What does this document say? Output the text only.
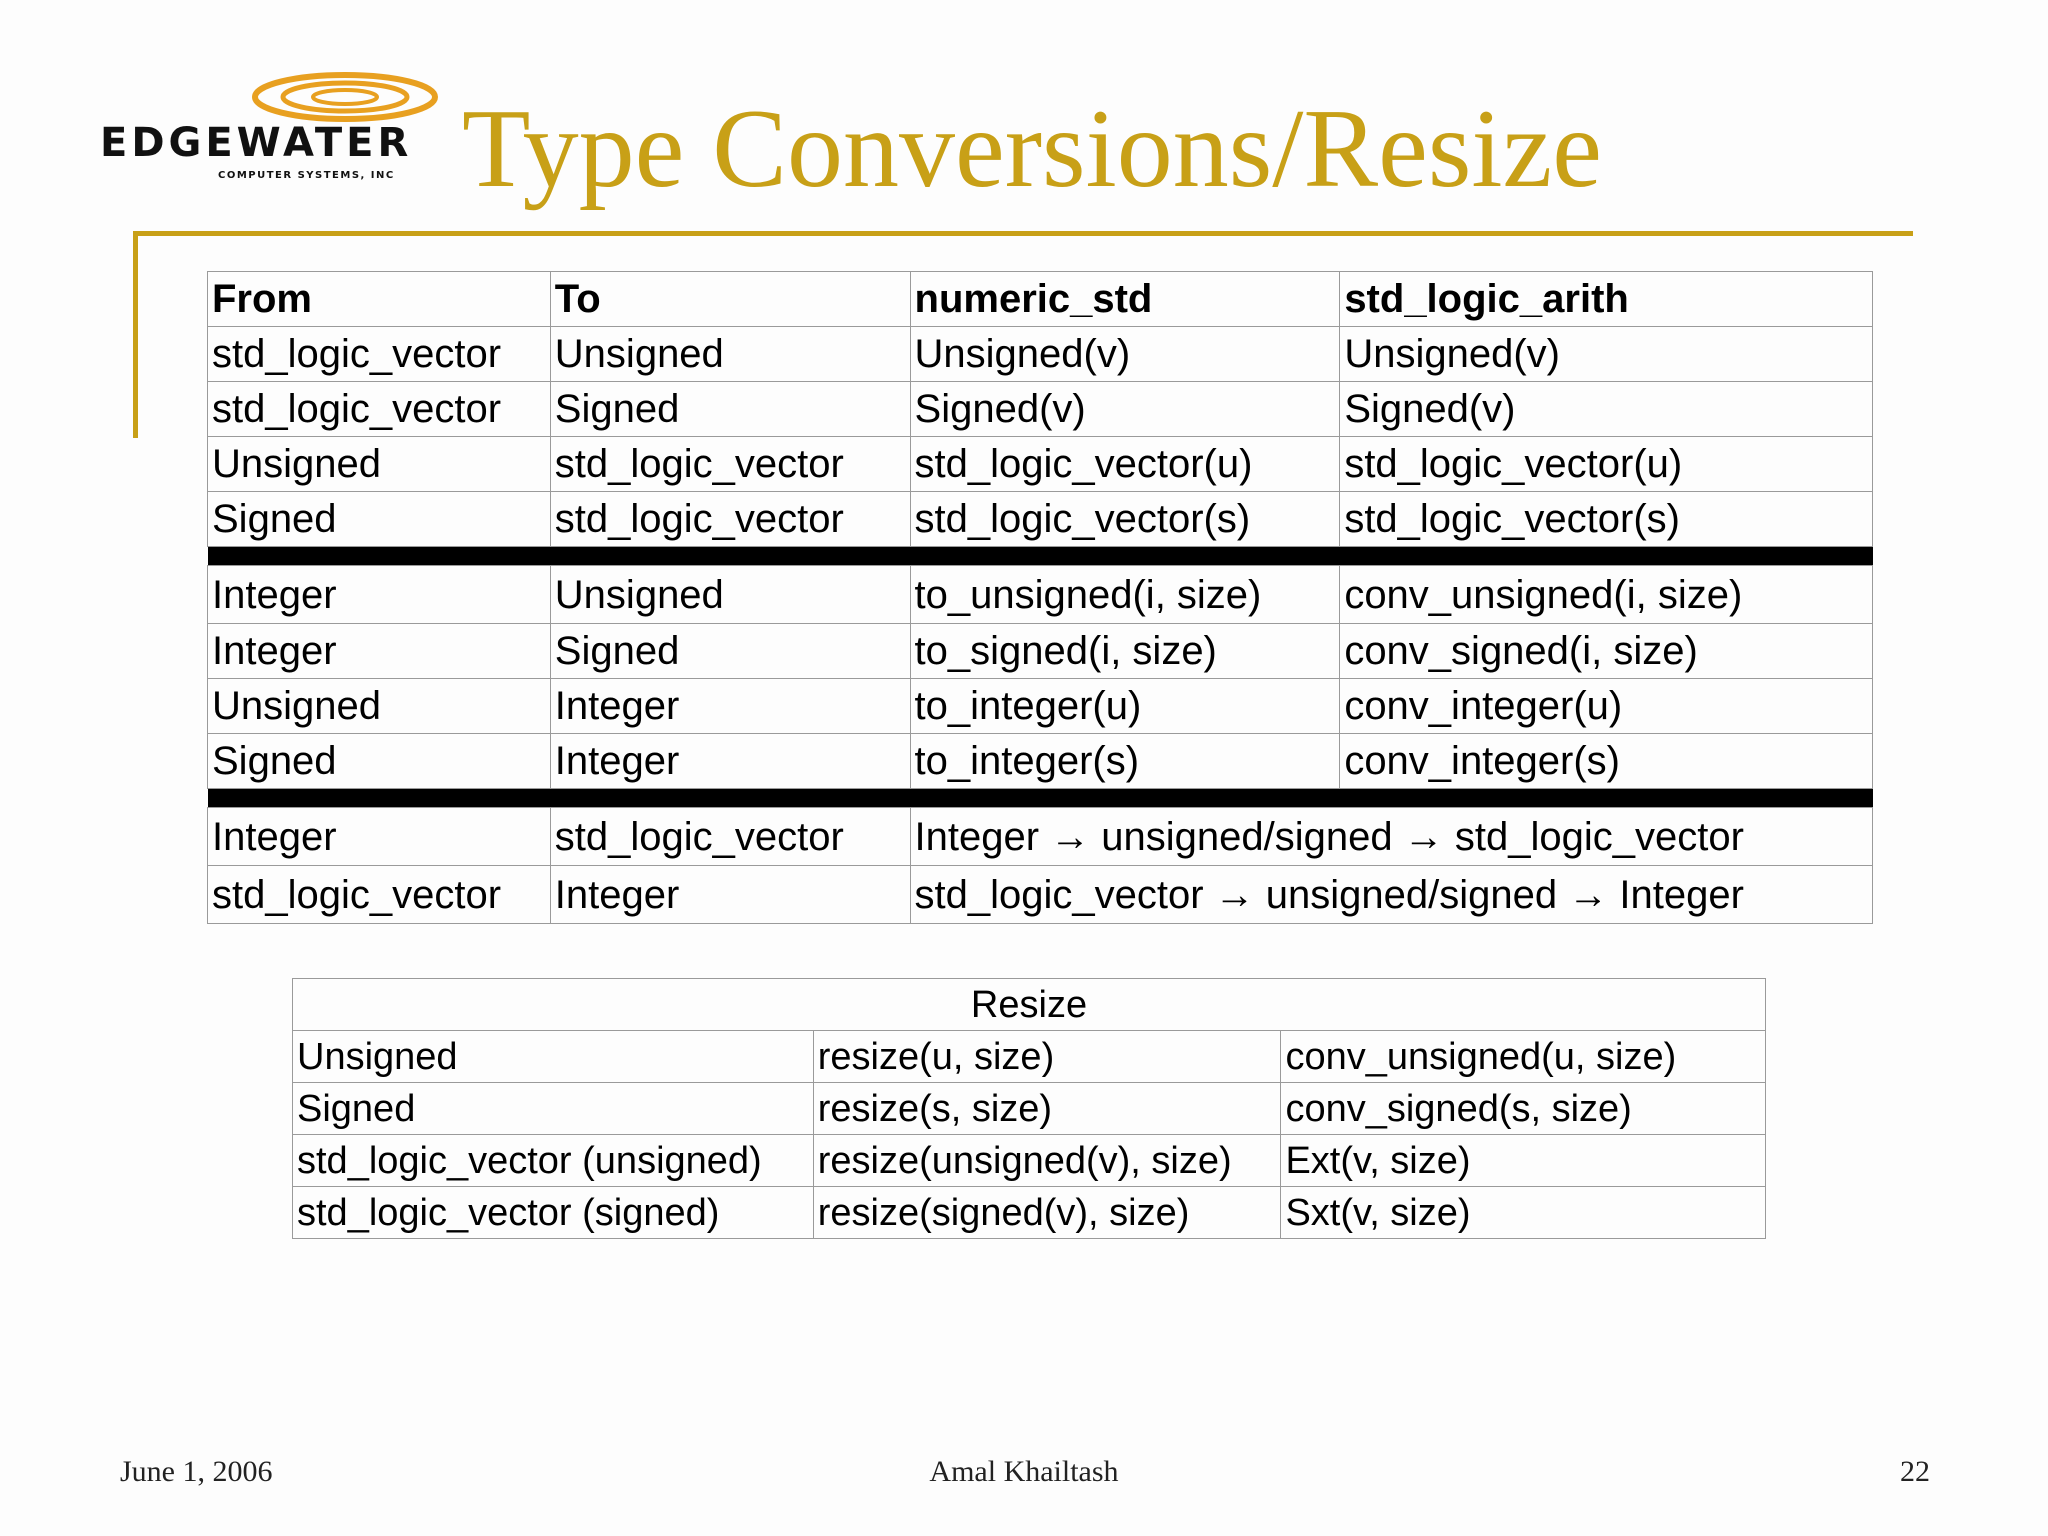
EDGEWATER
COMPUTER SYSTEMS, INC Type Conversions/Resize
From	To	numeric_std	std_logic_arith
std_logic_vector	Unsigned	Unsigned(v)	Unsigned(v)
std_logic_vector	Signed	Signed(v)	Signed(v)
Unsigned	std_logic_vector	std_logic_vector(u)	std_logic_vector(u)
Signed	std_logic_vector	std_logic_vector(s)	std_logic_vector(s)

Integer	Unsigned	to_unsigned(i, size)	conv_unsigned(i, size)
Integer	Signed	to_signed(i, size)	conv_signed(i, size)
Unsigned	Integer	to_integer(u)	conv_integer(u)
Signed	Integer	to_integer(s)	conv_integer(s)

Integer	std_logic_vector	Integer → unsigned/signed → std_logic_vector	
std_logic_vector	Integer	std_logic_vector → unsigned/signed → Integer	
Resize		
Unsigned	resize(u, size)	conv_unsigned(u, size)
Signed	resize(s, size)	conv_signed(s, size)
std_logic_vector (unsigned)	resize(unsigned(v), size)	Ext(v, size)
std_logic_vector (signed)	resize(signed(v), size)	Sxt(v, size)
June 1, 2006	Amal Khailtash	22
